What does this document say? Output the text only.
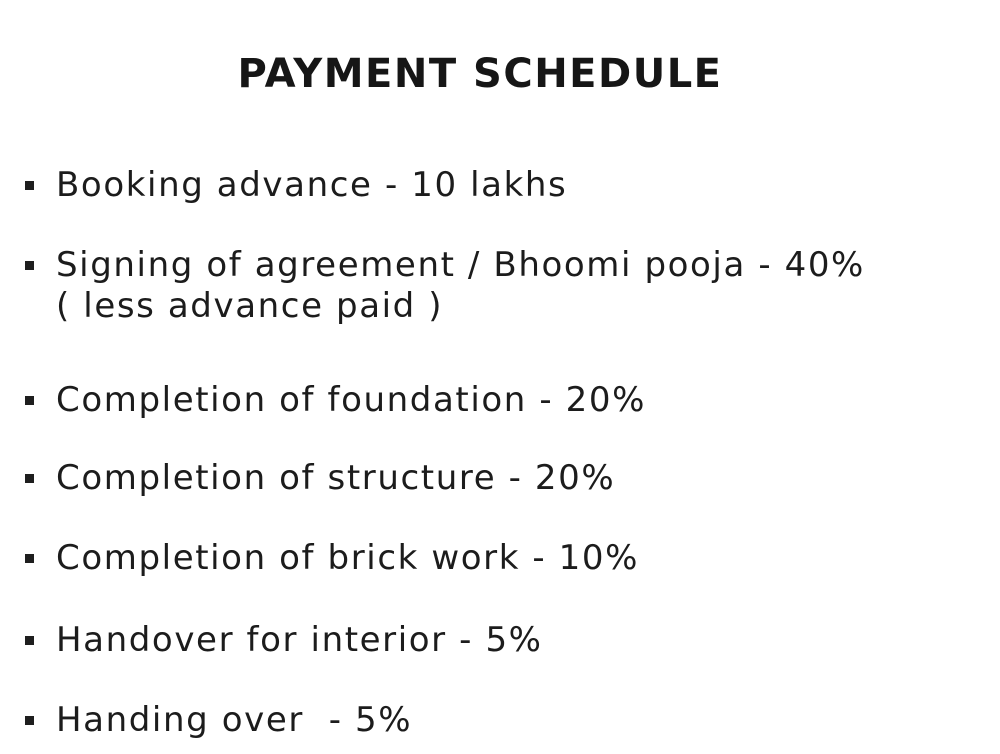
PAYMENT SCHEDULE
Booking advance - 10 lakhs
Signing of agreement / Bhoomi pooja - 40%
( less advance paid )
Completion of foundation - 20%
Completion of structure - 20%
Completion of brick work - 10%
Handover for interior - 5%
Handing over  - 5%
